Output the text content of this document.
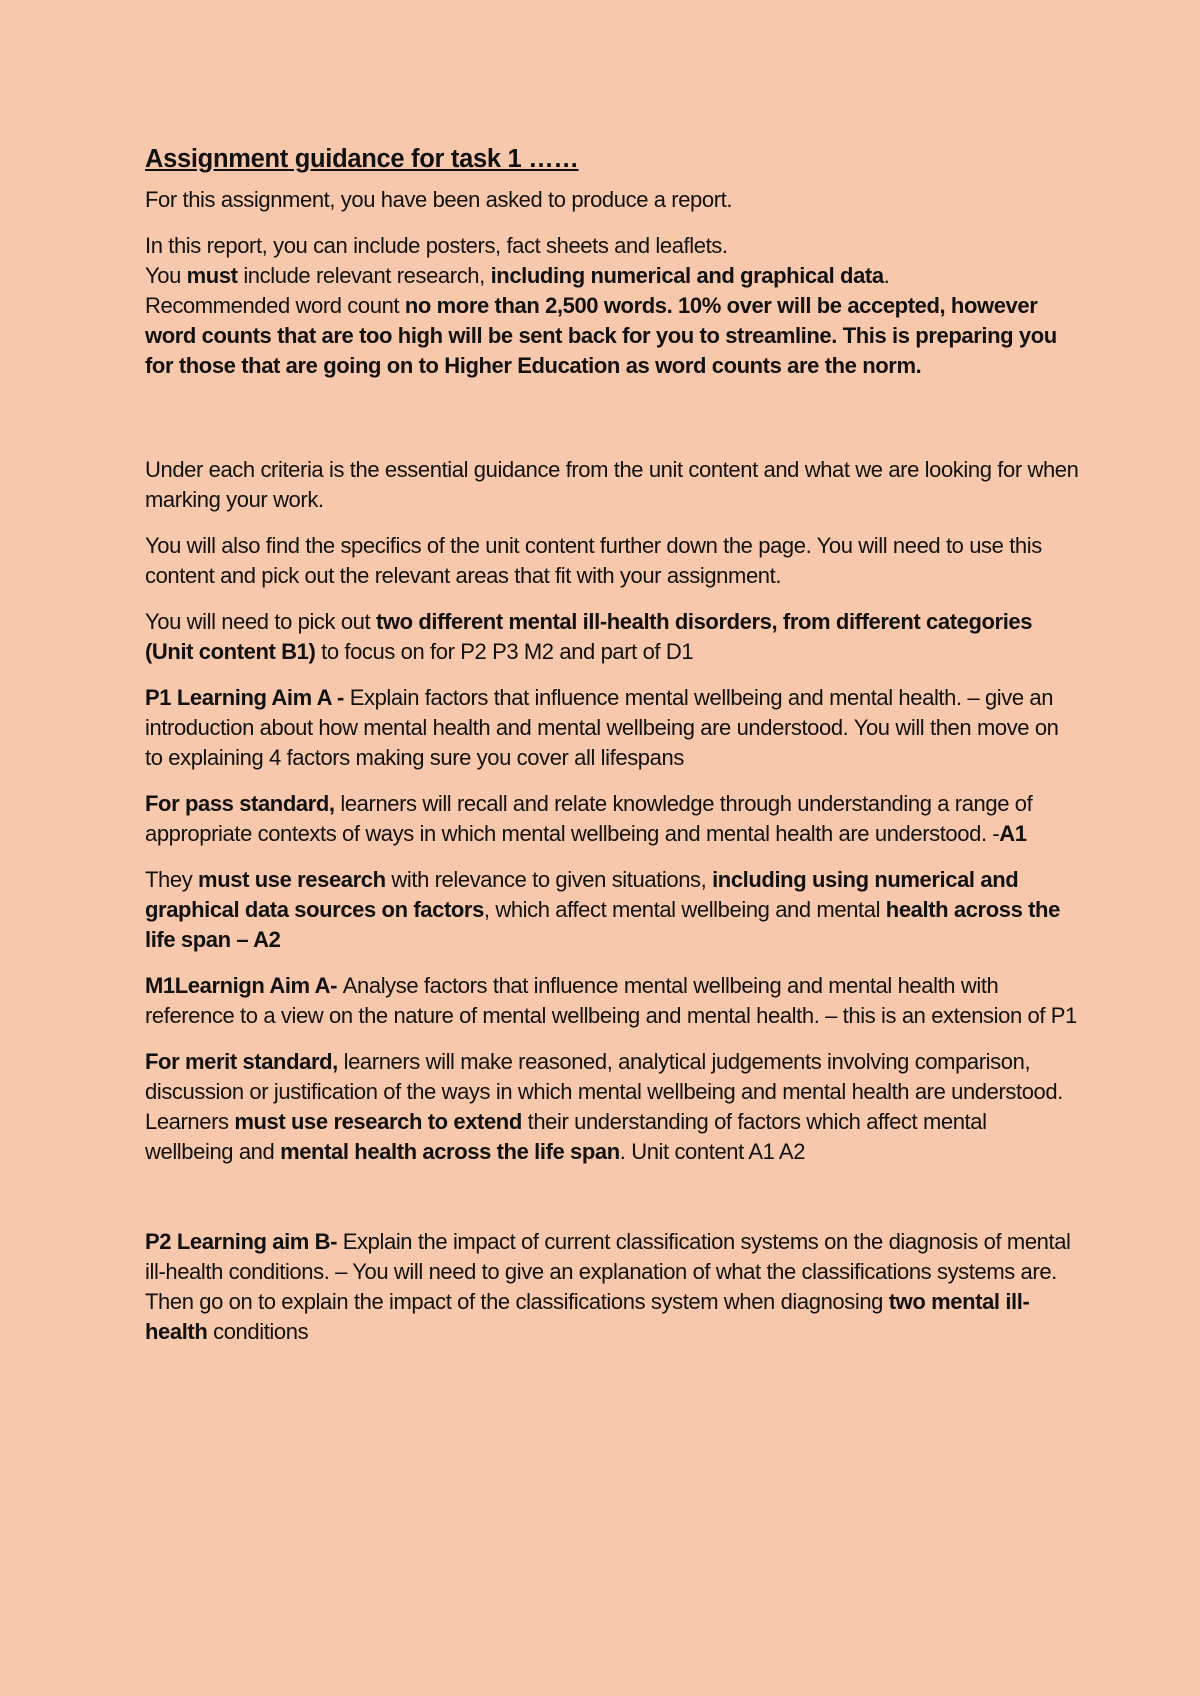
Assignment guidance for task 1 ……

For this assignment, you have been asked to produce a report.

In this report, you can include posters, fact sheets and leaflets.

You must include relevant research, including numerical and graphical data.

Recommended word count no more than 2,500 words. 10% over will be accepted, however word counts that are too high will be sent back for you to streamline. This is preparing you for those that are going on to Higher Education as word counts are the norm.

Under each criteria is the essential guidance from the unit content and what we are looking for when marking your work.

You will also find the specifics of the unit content further down the page. You will need to use this content and pick out the relevant areas that fit with your assignment.

You will need to pick out two different mental ill-health disorders, from different categories (Unit content B1) to focus on for P2 P3 M2 and part of D1

P1 Learning Aim A - Explain factors that influence mental wellbeing and mental health. – give an introduction about how mental health and mental wellbeing are understood. You will then move on to explaining 4 factors making sure you cover all lifespans

For pass standard, learners will recall and relate knowledge through understanding a range of appropriate contexts of ways in which mental wellbeing and mental health are understood. -A1

They must use research with relevance to given situations, including using numerical and graphical data sources on factors, which affect mental wellbeing and mental health across the life span – A2

M1Learnign Aim A- Analyse factors that influence mental wellbeing and mental health with reference to a view on the nature of mental wellbeing and mental health. – this is an extension of P1

For merit standard, learners will make reasoned, analytical judgements involving comparison, discussion or justification of the ways in which mental wellbeing and mental health are understood. Learners must use research to extend their understanding of factors which affect mental wellbeing and mental health across the life span. Unit content A1 A2

P2 Learning aim B- Explain the impact of current classification systems on the diagnosis of mental ill-health conditions. – You will need to give an explanation of what the classifications systems are. Then go on to explain the impact of the classifications system when diagnosing two mental ill-health conditions
